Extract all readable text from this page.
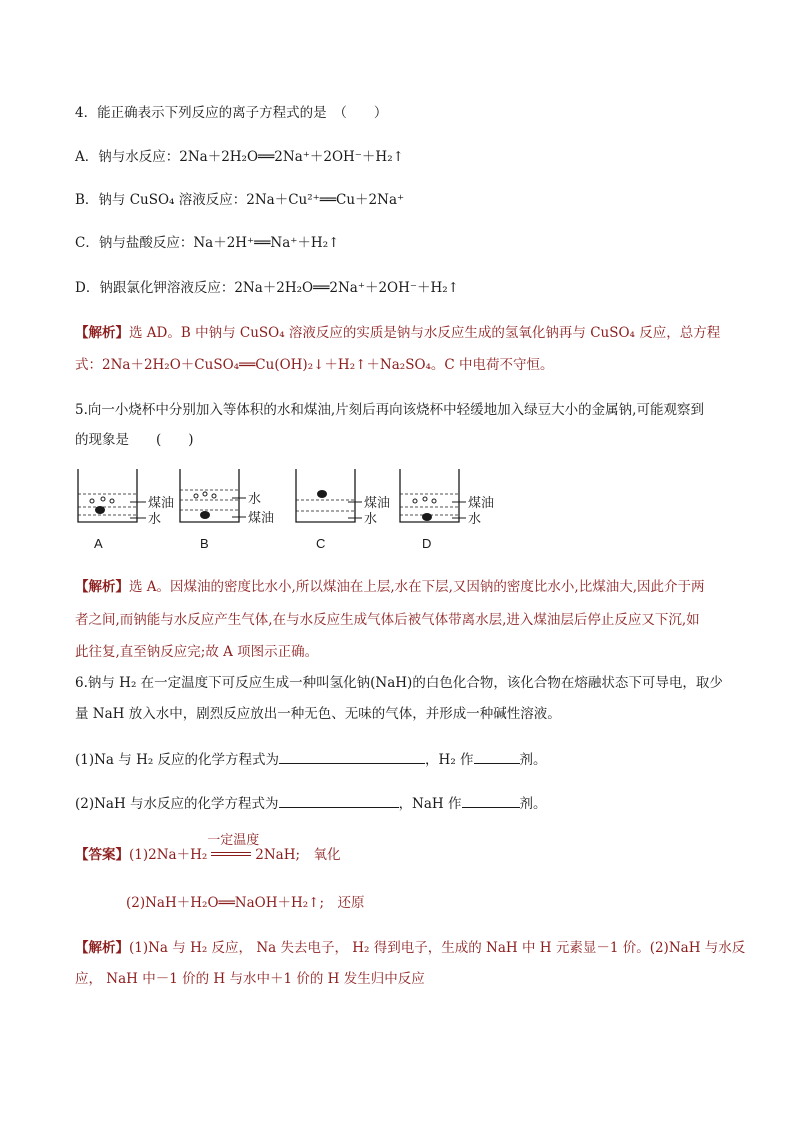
4．能正确表示下列反应的离子方程式的是　（　　）
A．钠与水反应：2Na＋2H₂O══2Na⁺＋2OH⁻＋H₂↑
B．钠与 CuSO₄ 溶液反应：2Na＋Cu²⁺══Cu＋2Na⁺
C．钠与盐酸反应：Na＋2H⁺══Na⁺＋H₂↑
D．钠跟氯化钾溶液反应：2Na＋2H₂O══2Na⁺＋2OH⁻＋H₂↑
【解析】选 AD。B 中钠与 CuSO₄ 溶液反应的实质是钠与水反应生成的氢氧化钠再与 CuSO₄ 反应，总方程
式：2Na＋2H₂O＋CuSO₄══Cu(OH)₂↓＋H₂↑＋Na₂SO₄。C 中电荷不守恒。
5.向一小烧杯中分别加入等体积的水和煤油,片刻后再向该烧杯中轻缓地加入绿豆大小的金属钠,可能观察到
的现象是　　(　　)
煤油
水
A
水
煤油
B
煤油
水
C
煤油
水
D
【解析】选 A。因煤油的密度比水小,所以煤油在上层,水在下层,又因钠的密度比水小,比煤油大,因此介于两
者之间,而钠能与水反应产生气体,在与水反应生成气体后被气体带离水层,进入煤油层后停止反应又下沉,如
此往复,直至钠反应完;故 A 项图示正确。
6.钠与 H₂ 在一定温度下可反应生成一种叫氢化钠(NaH)的白色化合物，该化合物在熔融状态下可导电，取少
量 NaH 放入水中，剧烈反应放出一种无色、无味的气体，并形成一种碱性溶液。
(1)Na 与 H₂ 反应的化学方程式为	，H₂ 作	剂。
(2)NaH 与水反应的化学方程式为	，NaH 作	剂。
【答案】(1)2Na＋H₂
一定温度
2NaH;　氧化
(2)NaH＋H₂O══NaOH＋H₂↑;　还原
【解析】(1)Na 与 H₂ 反应， Na 失去电子， H₂ 得到电子，生成的 NaH 中 H 元素显－1 价。(2)NaH 与水反
应， NaH 中－1 价的 H 与水中＋1 价的 H 发生归中反应
